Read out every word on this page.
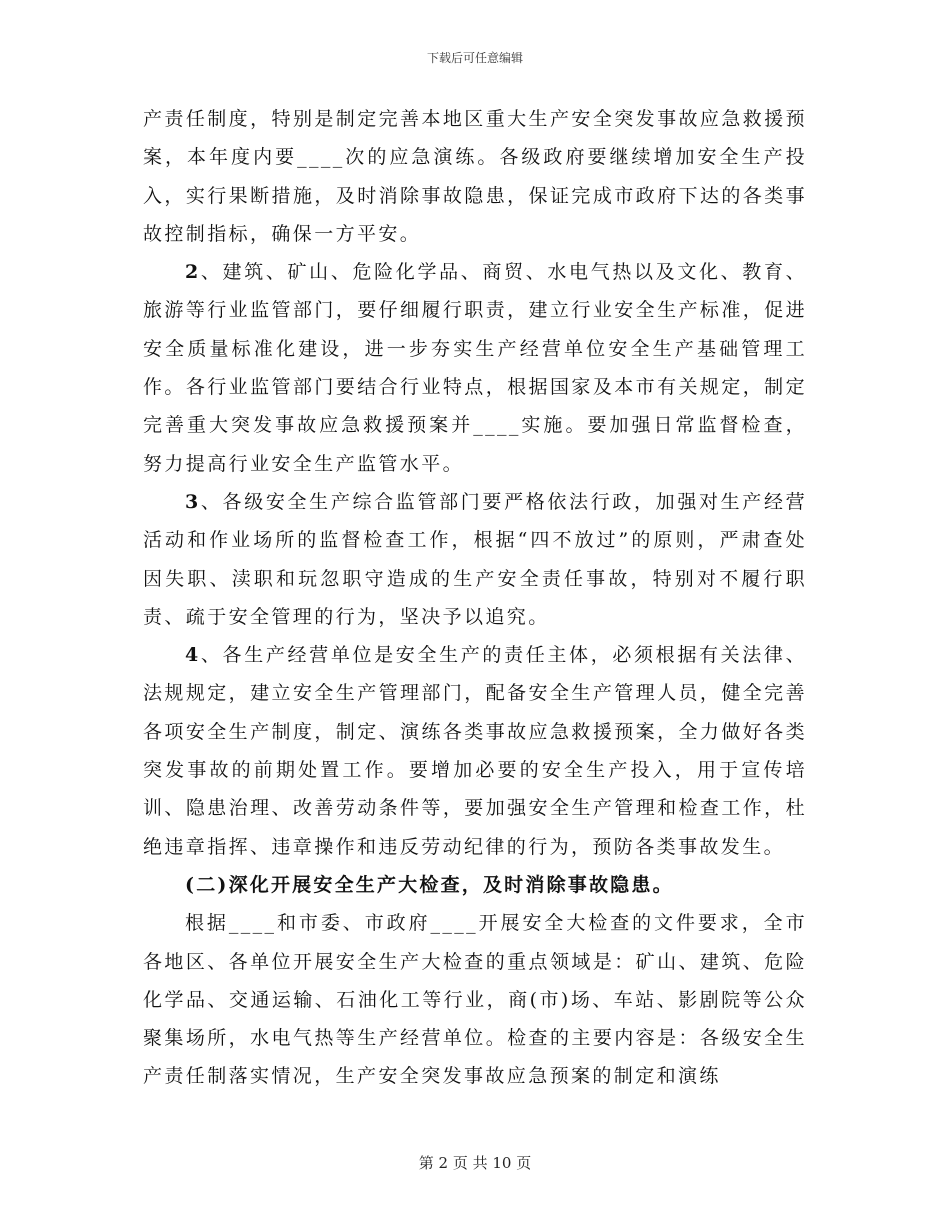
下载后可任意编辑

产责任制度，特别是制定完善本地区重大生产安全突发事故应急救援预案，本年度内要____次的应急演练。各级政府要继续增加安全生产投入，实行果断措施，及时消除事故隐患，保证完成市政府下达的各类事故控制指标，确保一方平安。

2、建筑、矿山、危险化学品、商贸、水电气热以及文化、教育、旅游等行业监管部门，要仔细履行职责，建立行业安全生产标准，促进安全质量标准化建设，进一步夯实生产经营单位安全生产基础管理工作。各行业监管部门要结合行业特点，根据国家及本市有关规定，制定完善重大突发事故应急救援预案并____实施。要加强日常监督检查，努力提高行业安全生产监管水平。

3、各级安全生产综合监管部门要严格依法行政，加强对生产经营活动和作业场所的监督检查工作，根据“四不放过”的原则，严肃查处因失职、渎职和玩忽职守造成的生产安全责任事故，特别对不履行职责、疏于安全管理的行为，坚决予以追究。

4、各生产经营单位是安全生产的责任主体，必须根据有关法律、法规规定，建立安全生产管理部门，配备安全生产管理人员，健全完善各项安全生产制度，制定、演练各类事故应急救援预案，全力做好各类突发事故的前期处置工作。要增加必要的安全生产投入，用于宣传培训、隐患治理、改善劳动条件等，要加强安全生产管理和检查工作，杜绝违章指挥、违章操作和违反劳动纪律的行为，预防各类事故发生。

(二)深化开展安全生产大检查，及时消除事故隐患。

根据____和市委、市政府____开展安全大检查的文件要求，全市各地区、各单位开展安全生产大检查的重点领域是：矿山、建筑、危险化学品、交通运输、石油化工等行业，商(市)场、车站、影剧院等公众聚集场所，水电气热等生产经营单位。检查的主要内容是：各级安全生产责任制落实情况，生产安全突发事故应急预案的制定和演练

第 2 页 共 10 页
